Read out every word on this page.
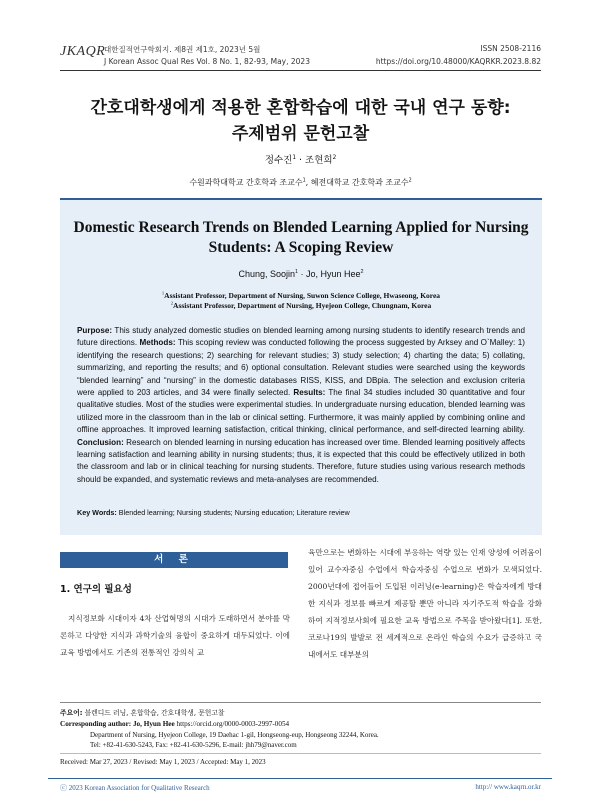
JKAQR
대한질적연구학회지. 제8권 제1호, 2023년 5월
J Korean Assoc Qual Res Vol. 8 No. 1, 82-93, May, 2023
ISSN 2508-2116
https://doi.org/10.48000/KAQRKR.2023.8.82
간호대학생에게 적용한 혼합학습에 대한 국내 연구 동향:
주제범위 문헌고찰
정수진$^1$ · 조현희$^2$
수원과학대학교 간호학과 조교수$^1$, 혜전대학교 간호학과 조교수$^2$
Domestic Research Trends on Blended Learning Applied for Nursing
Students: A Scoping Review
Chung, Soojin$^1$ · Jo, Hyun Hee$^2$
$^1$Assistant Professor, Department of Nursing, Suwon Science College, Hwaseong, Korea
$^2$Assistant Professor, Department of Nursing, Hyejeon College, Chungnam, Korea
Purpose: This study analyzed domestic studies on blended learning among nursing students to identify research trends and future directions. Methods: This scoping review was conducted following the process suggested by Arksey and O`Malley: 1) identifying the research questions; 2) searching for relevant studies; 3) study selection; 4) charting the data; 5) collating, summarizing, and reporting the results; and 6) optional consultation. Relevant studies were searched using the keywords “blended learning” and “nursing” in the domestic databases RISS, KISS, and DBpia. The selection and exclusion criteria were applied to 203 articles, and 34 were finally selected. Results: The final 34 studies included 30 quantitative and four qualitative studies. Most of the studies were experimental studies. In undergraduate nursing education, blended learning was utilized more in the classroom than in the lab or clinical setting. Furthermore, it was mainly applied by combining online and offline approaches. It improved learning satisfaction, critical thinking, clinical performance, and self-directed learning ability. Conclusion: Research on blended learning in nursing education has increased over time. Blended learning positively affects learning satisfaction and learning ability in nursing students; thus, it is expected that this could be effectively utilized in both the classroom and lab or in clinical teaching for nursing students. Therefore, future studies using various research methods should be expanded, and systematic reviews and meta-analyses are recommended.
Key Words: Blended learning; Nursing students; Nursing education; Literature review
서 론
1. 연구의 필요성
지식정보화 시대이자 4차 산업혁명의 시대가 도래하면서 분야를 막론하고 다양한 지식과 과학기술의 융합이 중요하게 대두되었다. 이에 교육 방법에서도 기존의 전통적인 강의식 교
육만으로는 변화하는 시대에 부응하는 역량 있는 인재 양성에 어려움이 있어 교수자중심 수업에서 학습자중심 수업으로 변화가 모색되었다. 2000년대에 접어들어 도입된 이러닝(e-learning)은 학습자에게 방대한 지식과 정보를 빠르게 제공할 뿐만 아니라 자기주도적 학습을 강화하여 지적정보사회에 필요한 교육 방법으로 주목을 받아왔다[1]. 또한, 코로나19의 발발로 전 세계적으로 온라인 학습의 수요가 급증하고 국내에서도 대부분의
주요어: 블렌디드 러닝, 혼합학습, 간호대학생, 문헌고찰
Corresponding author: Jo, Hyun Hee https://orcid.org/0000-0003-2997-0054
Department of Nursing, Hyejeon College, 19 Daehac 1-gil, Hongseong-eup, Hongseong 32244, Korea.
Tel: +82-41-630-5243, Fax: +82-41-630-5296, E-mail: jhh79@naver.com
Received: Mar 27, 2023 / Revised: May 1, 2023 / Accepted: May 1, 2023
ⓒ 2023 Korean Association for Qualitative Research	http:// www.kaqrn.or.kr
